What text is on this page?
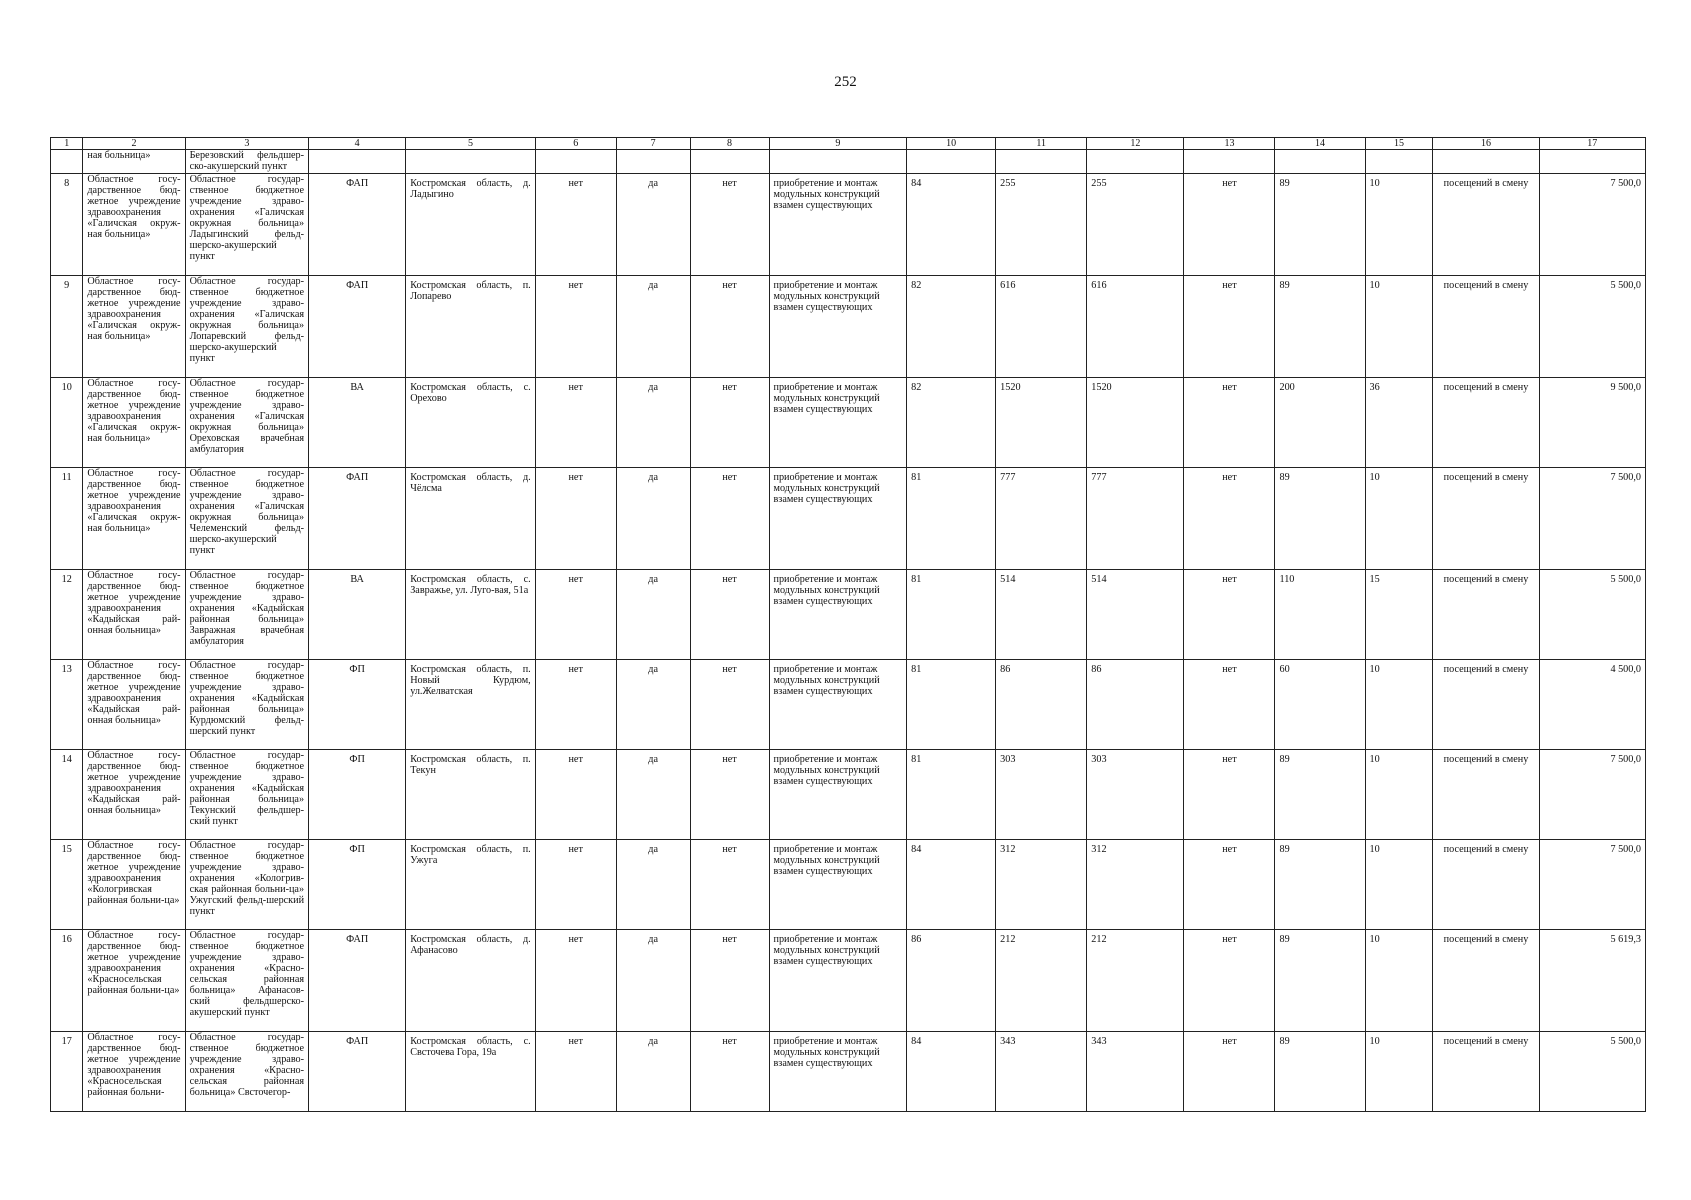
252
1	2	3	4	5	6	7	8	9	10	11	12	13	14	15	16	17

	ная больница»	Березовский фельдшер-ско-акушерский пункт														

8	Областное госу-дарственное бюд-жетное учреждение здравоохранения «Галичская окруж-ная больница»	Областное государ-ственное бюджетное учреждение здраво-охранения «Галичская окружная больница» Ладыгинский фельд-шерско-акушерский пункт	ФАП	Костромская область, д. Ладыгино	нет	да	нет	приобретение и монтаж модульных конструкций взамен существующих	84	255	255	нет	89	10	посещений в смену	7 500,0

9	Областное госу-дарственное бюд-жетное учреждение здравоохранения «Галичская окруж-ная больница»	Областное государ-ственное бюджетное учреждение здраво-охранения «Галичская окружная больница» Лопаревский фельд-шерско-акушерский пункт	ФАП	Костромская область, п. Лопарево	нет	да	нет	приобретение и монтаж модульных конструкций взамен существующих	82	616	616	нет	89	10	посещений в смену	5 500,0

10	Областное госу-дарственное бюд-жетное учреждение здравоохранения «Галичская окруж-ная больница»	Областное государ-ственное бюджетное учреждение здраво-охранения «Галичская окружная больница» Ореховская врачебная амбулатория	ВА	Костромская область, с. Орехово	нет	да	нет	приобретение и монтаж модульных конструкций взамен существующих	82	1520	1520	нет	200	36	посещений в смену	9 500,0

11	Областное госу-дарственное бюд-жетное учреждение здравоохранения «Галичская окруж-ная больница»	Областное государ-ственное бюджетное учреждение здраво-охранения «Галичская окружная больница» Челеменский фельд-шерско-акушерский пункт	ФАП	Костромская область, д. Чёлсма	нет	да	нет	приобретение и монтаж модульных конструкций взамен существующих	81	777	777	нет	89	10	посещений в смену	7 500,0

12	Областное госу-дарственное бюд-жетное учреждение здравоохранения «Кадыйская рай-онная больница»	Областное государ-ственное бюджетное учреждение здраво-охранения «Кадыйская районная больница» Завражная врачебная амбулатория	ВА	Костромская область, с. Завражье, ул. Луго-вая, 51а	нет	да	нет	приобретение и монтаж модульных конструкций взамен существующих	81	514	514	нет	110	15	посещений в смену	5 500,0

13	Областное госу-дарственное бюд-жетное учреждение здравоохранения «Кадыйская рай-онная больница»	Областное государ-ственное бюджетное учреждение здраво-охранения «Кадыйская районная больница» Курдюмский фельд-шерский пункт	ФП	Костромская область, п. Новый Курдюм, ул.Желватская	нет	да	нет	приобретение и монтаж модульных конструкций взамен существующих	81	86	86	нет	60	10	посещений в смену	4 500,0

14	Областное госу-дарственное бюд-жетное учреждение здравоохранения «Кадыйская рай-онная больница»	Областное государ-ственное бюджетное учреждение здраво-охранения «Кадыйская районная больница» Текунский фельдшер-ский пункт	ФП	Костромская область, п. Текун	нет	да	нет	приобретение и монтаж модульных конструкций взамен существующих	81	303	303	нет	89	10	посещений в смену	7 500,0

15	Областное госу-дарственное бюд-жетное учреждение здравоохранения «Кологривская районная больни-ца»	Областное государ-ственное бюджетное учреждение здраво-охранения «Кологрив-ская районная больни-ца» Ужугский фельд-шерский пункт	ФП	Костромская область, п. Ужуга	нет	да	нет	приобретение и монтаж модульных конструкций взамен существующих	84	312	312	нет	89	10	посещений в смену	7 500,0

16	Областное госу-дарственное бюд-жетное учреждение здравоохранения «Красносельская районная больни-ца»	Областное государ-ственное бюджетное учреждение здраво-охранения «Красно-сельская районная больница» Афанасов-ский фельдшерско-акушерский пункт	ФАП	Костромская область, д. Афанасово	нет	да	нет	приобретение и монтаж модульных конструкций взамен существующих	86	212	212	нет	89	10	посещений в смену	5 619,3

17	Областное госу-дарственное бюд-жетное учреждение здравоохранения «Красносельская районная больни-	Областное государ-ственное бюджетное учреждение здраво-охранения «Красно-сельская районная больница» Свсточегор-	ФАП	Костромская область, с. Свсточева Гора, 19а	нет	да	нет	приобретение и монтаж модульных конструкций взамен существующих	84	343	343	нет	89	10	посещений в смену	5 500,0
